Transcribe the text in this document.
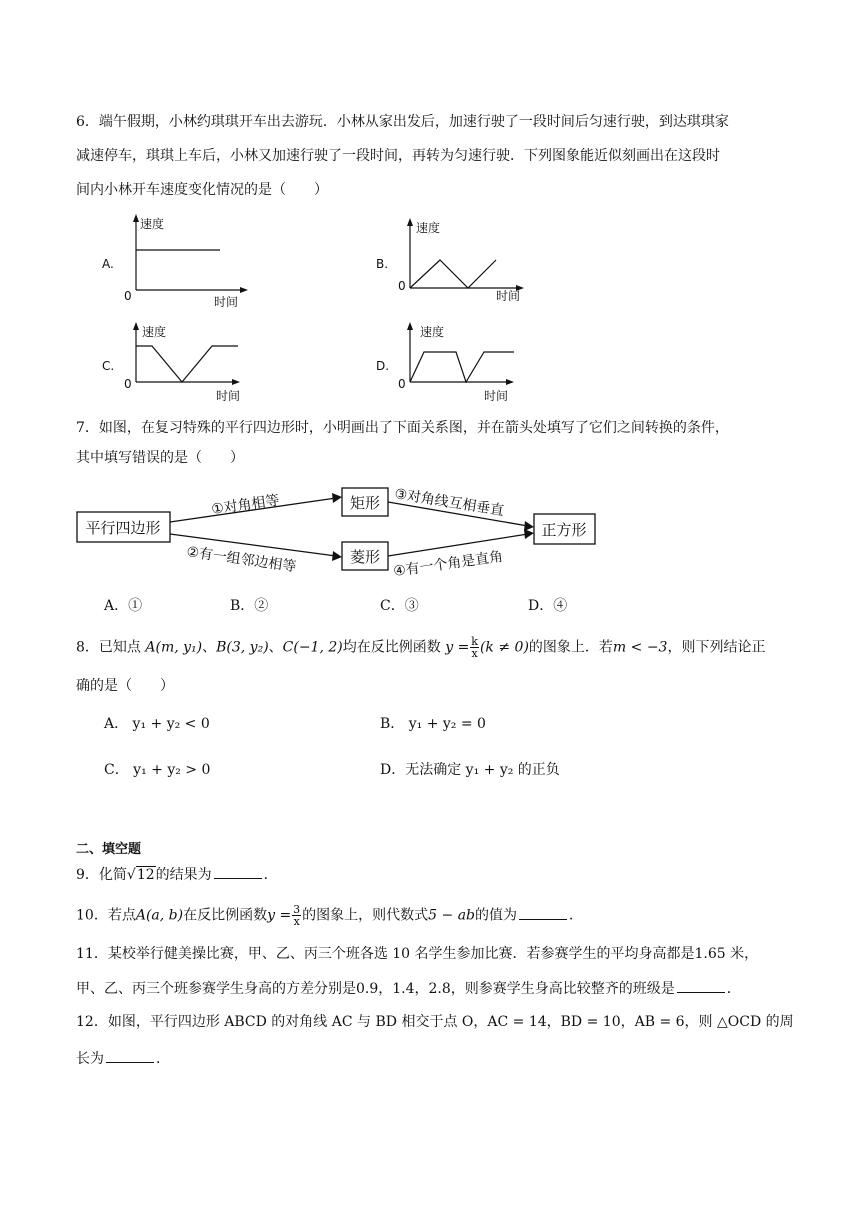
6．端午假期，小林约琪琪开车出去游玩．小林从家出发后，加速行驶了一段时间后匀速行驶，到达琪琪家
减速停车，琪琪上车后，小林又加速行驶了一段时间，再转为匀速行驶．下列图象能近似刻画出在这段时
间内小林开车速度变化情况的是（　　）
A.
速度
时间
0
B.
速度
时间
0
C.
速度
时间
0
D.
速度
时间
0
7．如图，在复习特殊的平行四边形时，小明画出了下面关系图，并在箭头处填写了它们之间转换的条件，
其中填写错误的是（　　）
平行四边形
矩形
菱形
正方形
①对角相等
②有一组邻边相等
③对角线互相垂直
④有一个角是直角
A．①	B．②	C．③	D．④
8．已知点 A(m, y₁)、B(3, y₂)、C(−1, 2)均在反比例函数 $y = \frac{k}{x} (k \ne 0)$的图象上．若m < −3，则下列结论正
确的是（　　）
A． y₁ + y₂ < 0	B． y₁ + y₂ = 0
C． y₁ + y₂ > 0	D．无法确定 y₁ + y₂ 的正负
二、填空题
9．化简√12的结果为	．
10．若点A(a, b)在反比例函数$y = \frac{3}{x}$ 的图象上，则代数式5 − ab的值为	．
11．某校举行健美操比赛，甲、乙、丙三个班各选 10 名学生参加比赛．若参赛学生的平均身高都是1.65 米，
甲、乙、丙三个班参赛学生身高的方差分别是0.9，1.4，2.8，则参赛学生身高比较整齐的班级是	．
12．如图，平行四边形 ABCD 的对角线 AC 与 BD 相交于点 O，AC = 14，BD = 10，AB = 6，则 △OCD 的周
长为	．
